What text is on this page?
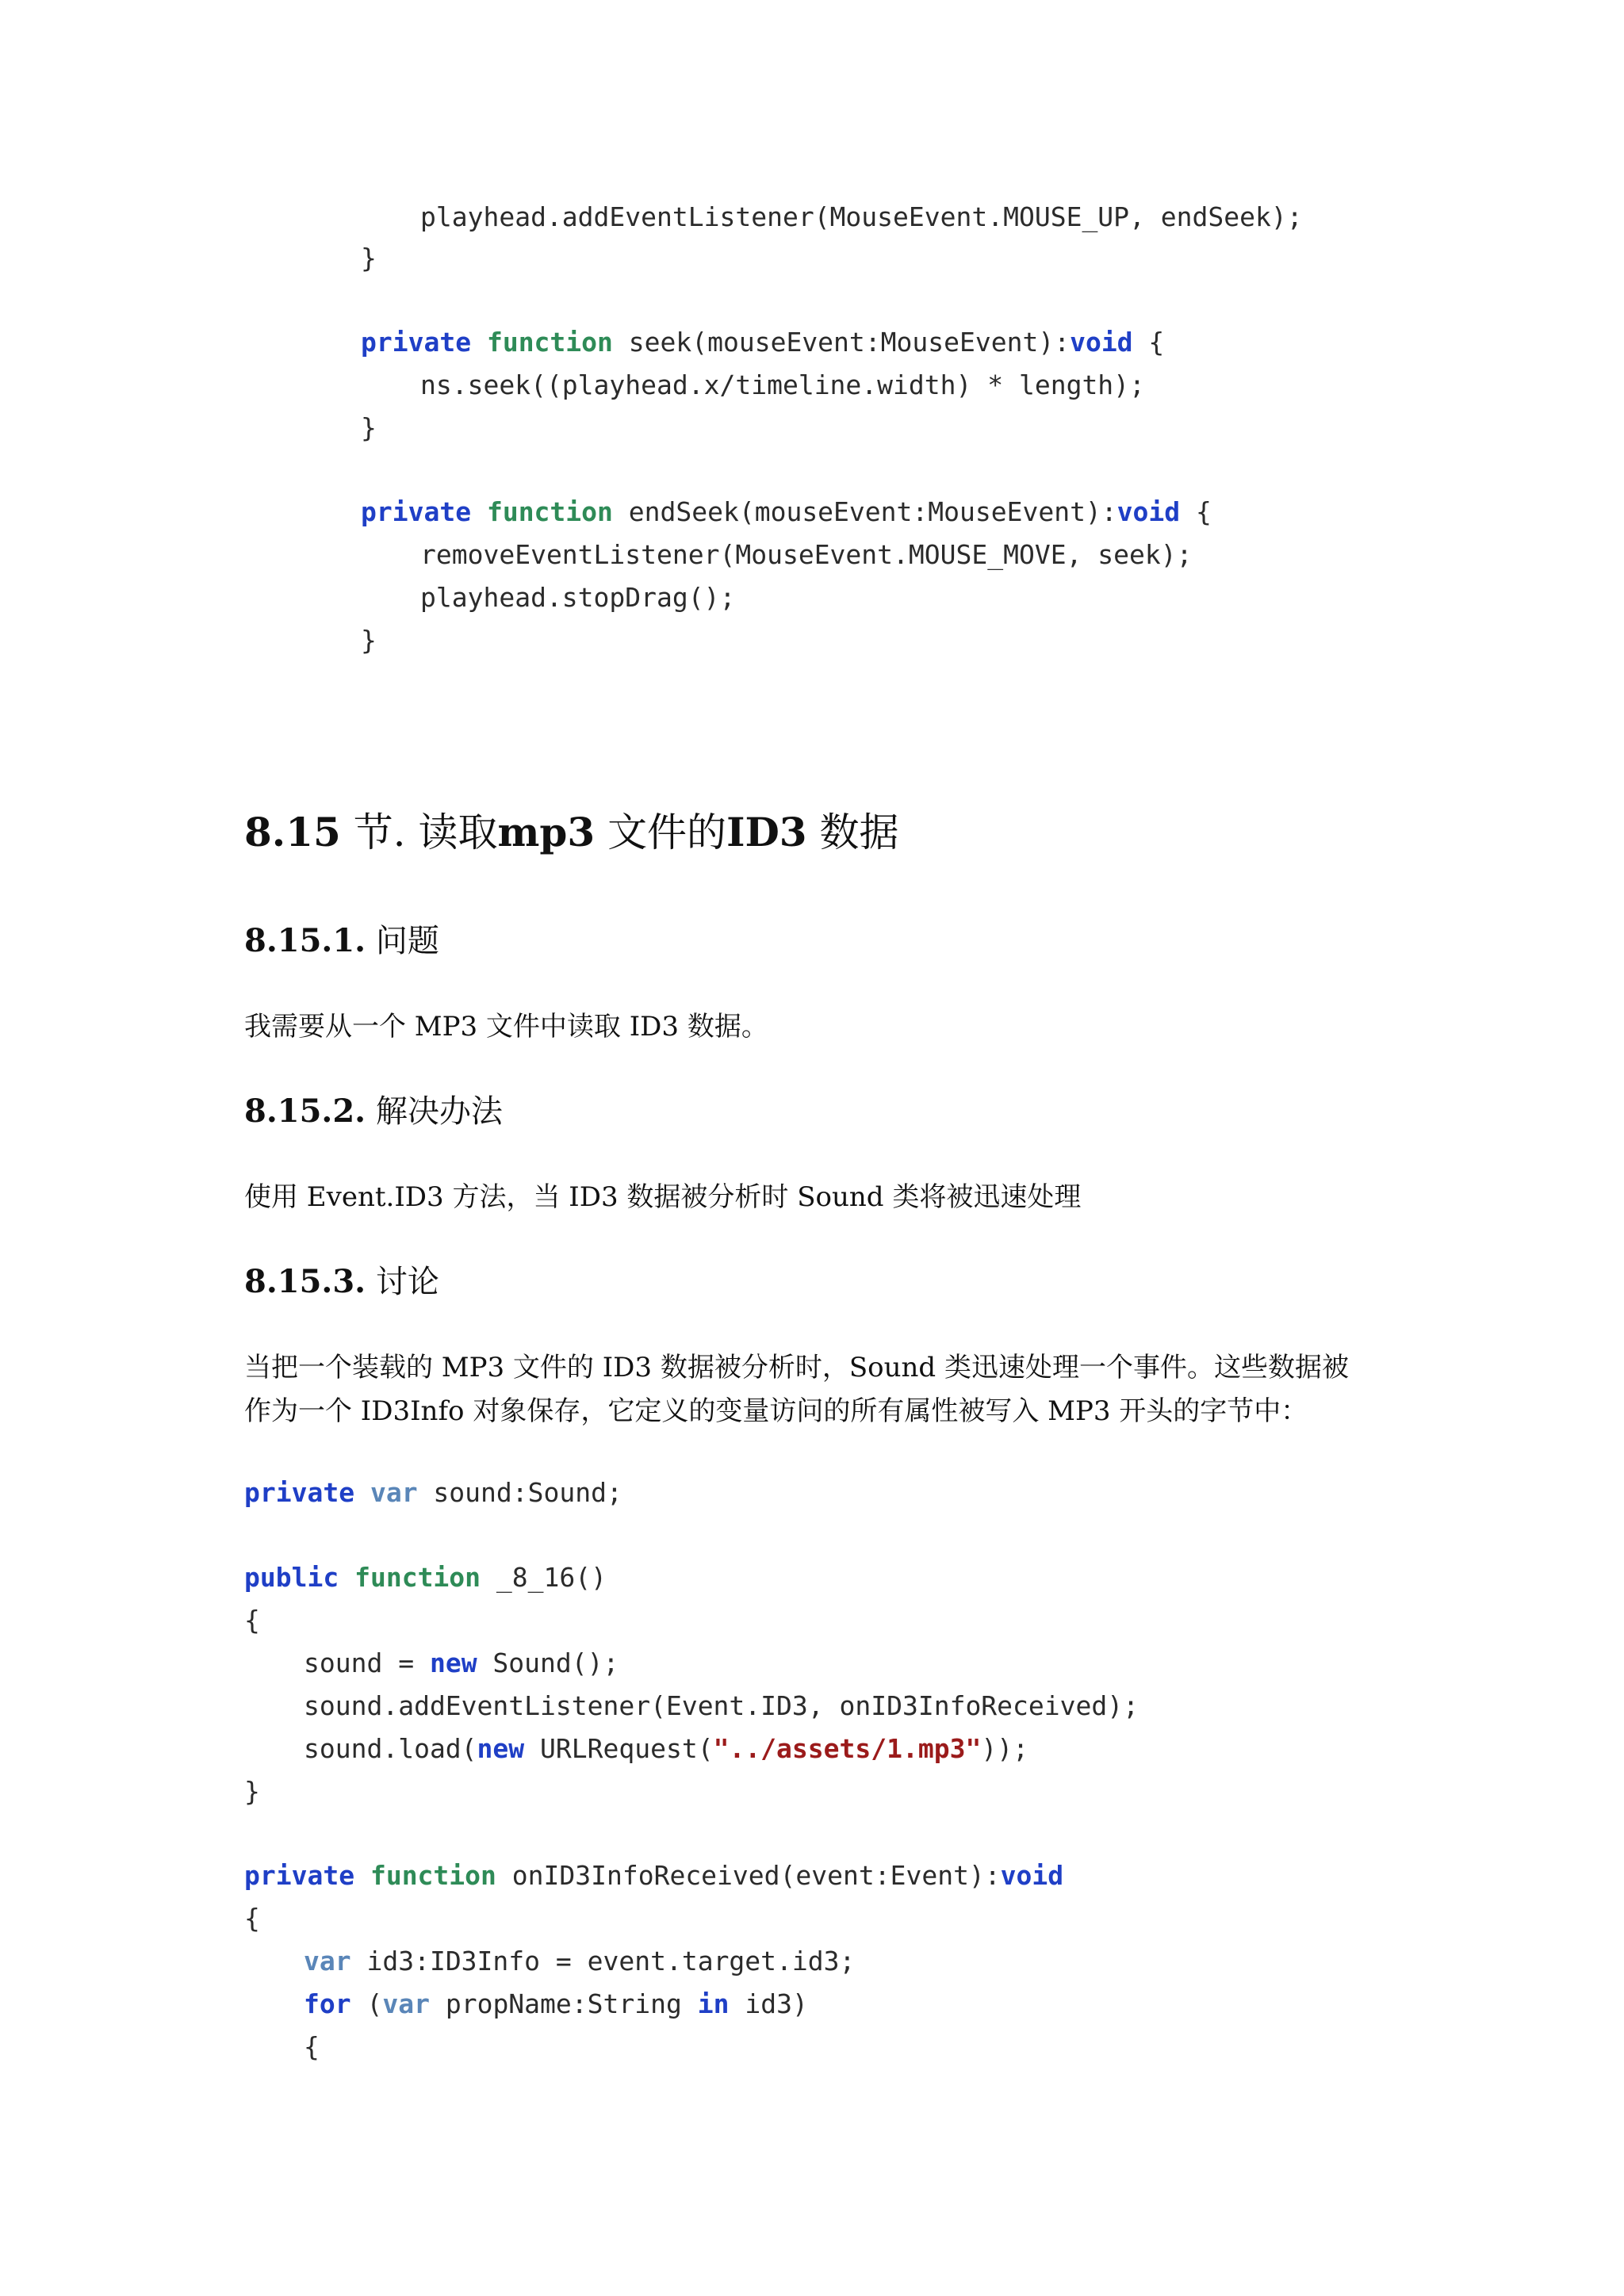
playhead.addEventListener(MouseEvent.MOUSE_UP, endSeek);
}
private function seek(mouseEvent:MouseEvent):void {
ns.seek((playhead.x/timeline.width) * length);
}
private function endSeek(mouseEvent:MouseEvent):void {
removeEventListener(MouseEvent.MOUSE_MOVE, seek);
playhead.stopDrag();
}
8.15 节. 读取mp3 文件的ID3 数据
8.15.1. 问题
我需要从一个 MP3 文件中读取 ID3 数据。
8.15.2. 解决办法
使用 Event.ID3 方法，当 ID3 数据被分析时 Sound 类将被迅速处理
8.15.3. 讨论
当把一个装载的 MP3 文件的 ID3 数据被分析时，Sound 类迅速处理一个事件。这些数据被
作为一个 ID3Info 对象保存，它定义的变量访问的所有属性被写入 MP3 开头的字节中：
private var sound:Sound;
public function _8_16()
{
sound = new Sound();
sound.addEventListener(Event.ID3, onID3InfoReceived);
sound.load(new URLRequest("../assets/1.mp3"));
}
private function onID3InfoReceived(event:Event):void
{
var id3:ID3Info = event.target.id3;
for (var propName:String in id3)
{
